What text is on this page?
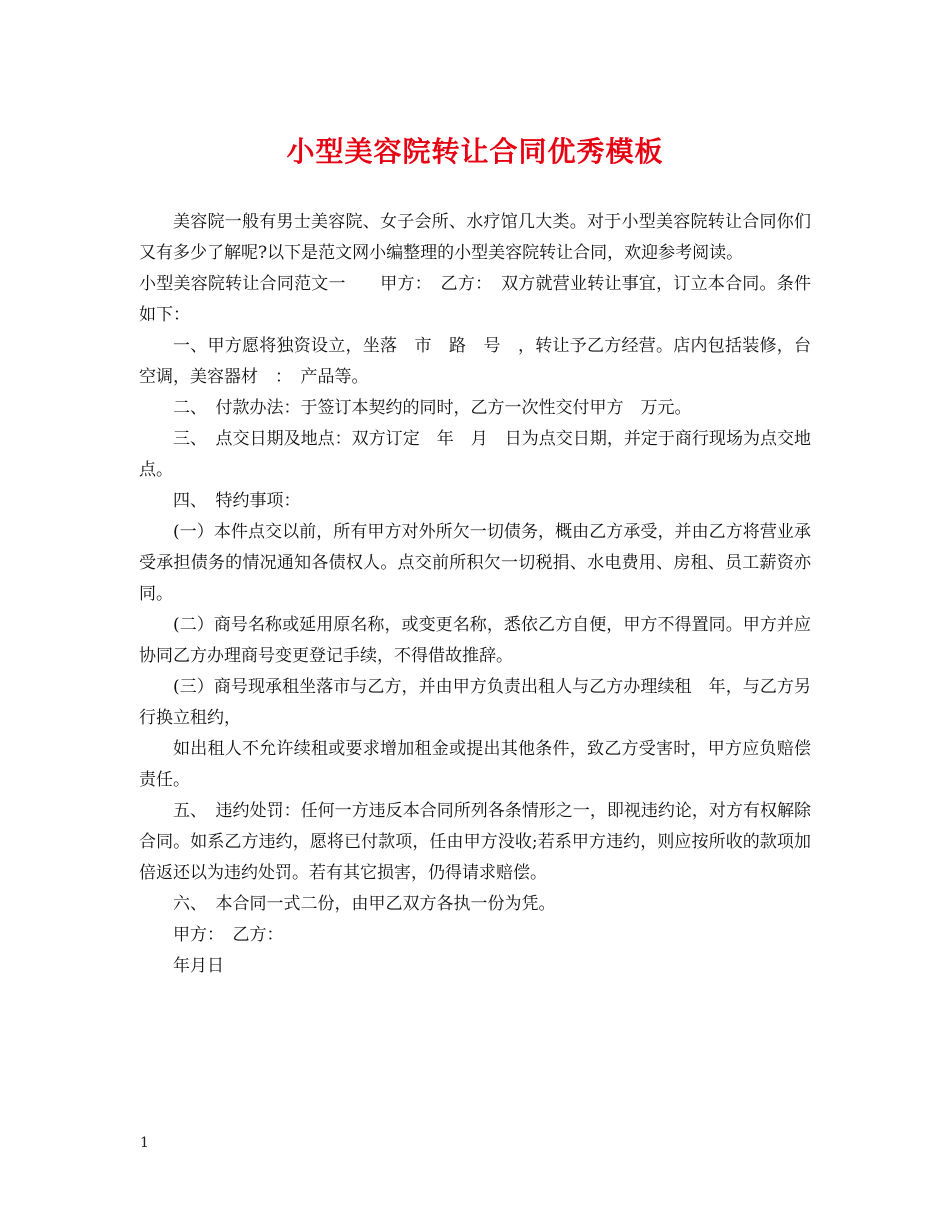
小型美容院转让合同优秀模板

美容院一般有男士美容院、女子会所、水疗馆几大类。对于小型美容院转让合同你们又有多少了解呢?以下是范文网小编整理的小型美容院转让合同，欢迎参考阅读。

小型美容院转让合同范文一　　甲方：　乙方：　双方就营业转让事宜，订立本合同。条件如下：

一、甲方愿将独资设立，坐落　市　路　号　，转让予乙方经营。店内包括装修，台空调，美容器材　：　产品等。

二、　付款办法：于签订本契约的同时，乙方一次性交付甲方　万元。

三、　点交日期及地点：双方订定　年　月　日为点交日期，并定于商行现场为点交地点。

四、　特约事项：

(一）本件点交以前，所有甲方对外所欠一切债务，概由乙方承受，并由乙方将营业承受承担债务的情况通知各债权人。点交前所积欠一切税捐、水电费用、房租、员工薪资亦同。

(二）商号名称或延用原名称，或变更名称，悉依乙方自便，甲方不得置同。甲方并应协同乙方办理商号变更登记手续，不得借故推辞。

(三）商号现承租坐落市与乙方，并由甲方负责出租人与乙方办理续租　年，与乙方另行换立租约，

如出租人不允许续租或要求增加租金或提出其他条件，致乙方受害时，甲方应负赔偿责任。

五、　违约处罚：任何一方违反本合同所列各条情形之一，即视违约论，对方有权解除合同。如系乙方违约，愿将已付款项，任由甲方没收;若系甲方违约，则应按所收的款项加倍返还以为违约处罚。若有其它损害，仍得请求赔偿。

六、　本合同一式二份，由甲乙双方各执一份为凭。

甲方：　乙方：

年月日

1
